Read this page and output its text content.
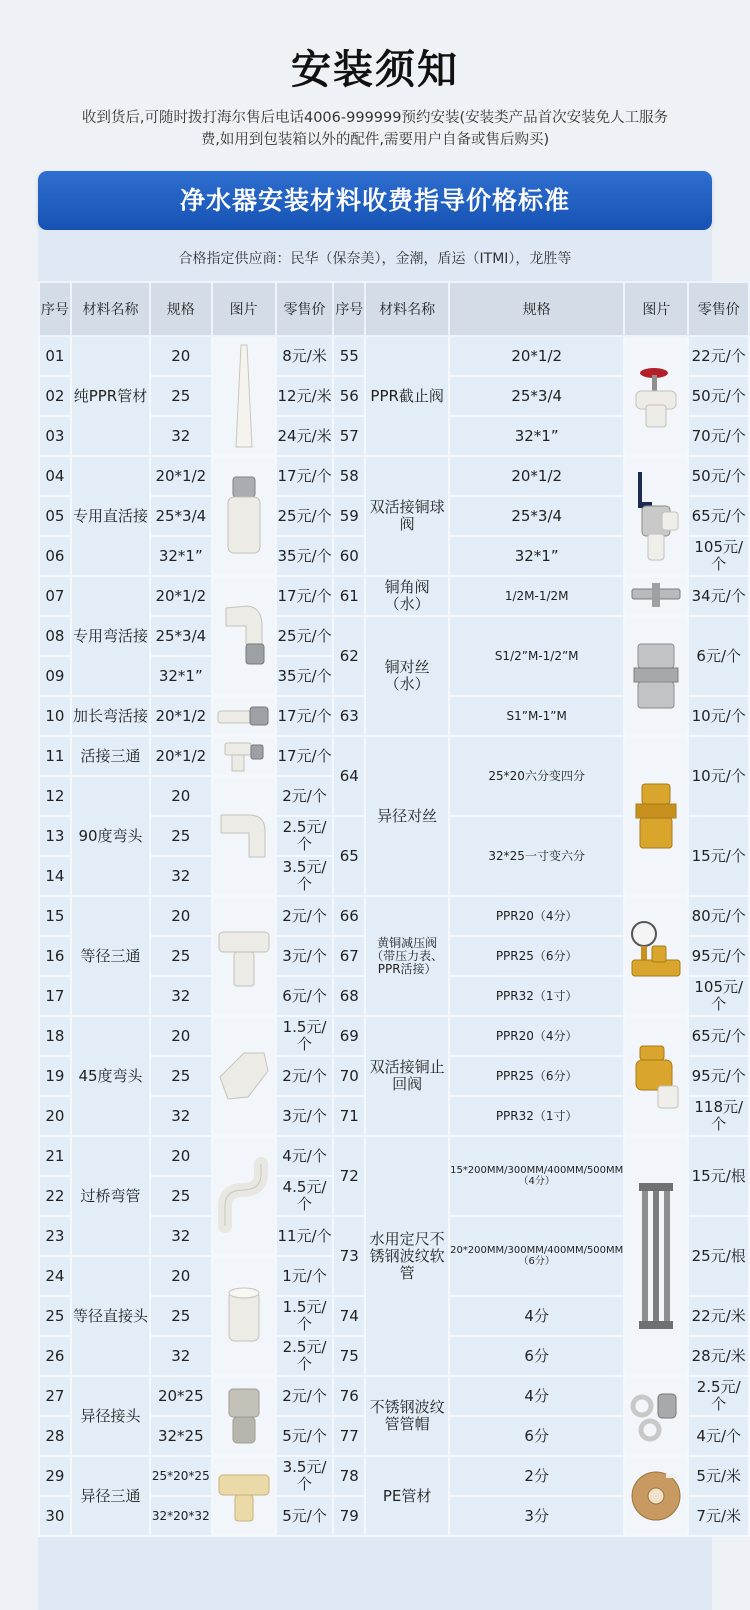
安装须知
收到货后,可随时拨打海尔售后电话4006-999999预约安装(安装类产品首次安装免人工服务费,如用到包装箱以外的配件,需要用户自备或售后购买)
净水器安装材料收费指导价格标准
合格指定供应商：民华（保奈美），金潮，盾运（ITMI），龙胜等
序号	材料名称	规格	图片	零售价	序号	材料名称	规格	图片	零售价
01	纯PPR管材	20		8元/米	55	PPR截止阀	20*1/2		22元/个
02		25		12元/米	56		25*3/4		50元/个
03		32		24元/米	57		32*1”		70元/个
04	专用直活接	20*1/2		17元/个	58	双活接铜球阀	20*1/2		50元/个
05		25*3/4		25元/个	59		25*3/4		65元/个
06		32*1”		35元/个	60		32*1”		105元/个
07	专用弯活接	20*1/2		17元/个	61	铜角阀（水）	1/2M-1/2M		34元/个
08		25*3/4		25元/个	62	铜对丝（水）	S1/2”M-1/2”M		6元/个
09		32*1”		35元/个					
10	加长弯活接	20*1/2		17元/个	63		S1”M-1”M		10元/个
11	活接三通	20*1/2		17元/个	64	异径对丝	25*20六分变四分		10元/个
12	90度弯头	20		2元/个					
13		25		2.5元/个	65		32*25一寸变六分		15元/个
14		32		3.5元/个					
15	等径三通	20		2元/个	66	黄铜减压阀（带压力表、PPR活接）	PPR20（4分）		80元/个
16		25		3元/个	67		PPR25（6分）		95元/个
17		32		6元/个	68		PPR32（1寸）		105元/个
18	45度弯头	20		1.5元/个	69	双活接铜止回阀	PPR20（4分）		65元/个
19		25		2元/个	70		PPR25（6分）		95元/个
20		32		3元/个	71		PPR32（1寸）		118元/个
21	过桥弯管	20		4元/个	72	水用定尺不锈钢波纹软管	15*200MM/300MM/400MM/500MM（4分）		15元/根
22		25		4.5元/个					
23		32		11元/个	73		20*200MM/300MM/400MM/500MM（6分）		25元/根
24	等径直接头	20		1元/个					
25		25		1.5元/个	74		4分		22元/米
26		32		2.5元/个	75		6分		28元/米
27	异径接头	20*25		2元/个	76	不锈钢波纹管管帽	4分		2.5元/个
28		32*25		5元/个	77		6分		4元/个
29	异径三通	25*20*25		3.5元/个	78	PE管材	2分		5元/米
30		32*20*32		5元/个	79		3分		7元/米
